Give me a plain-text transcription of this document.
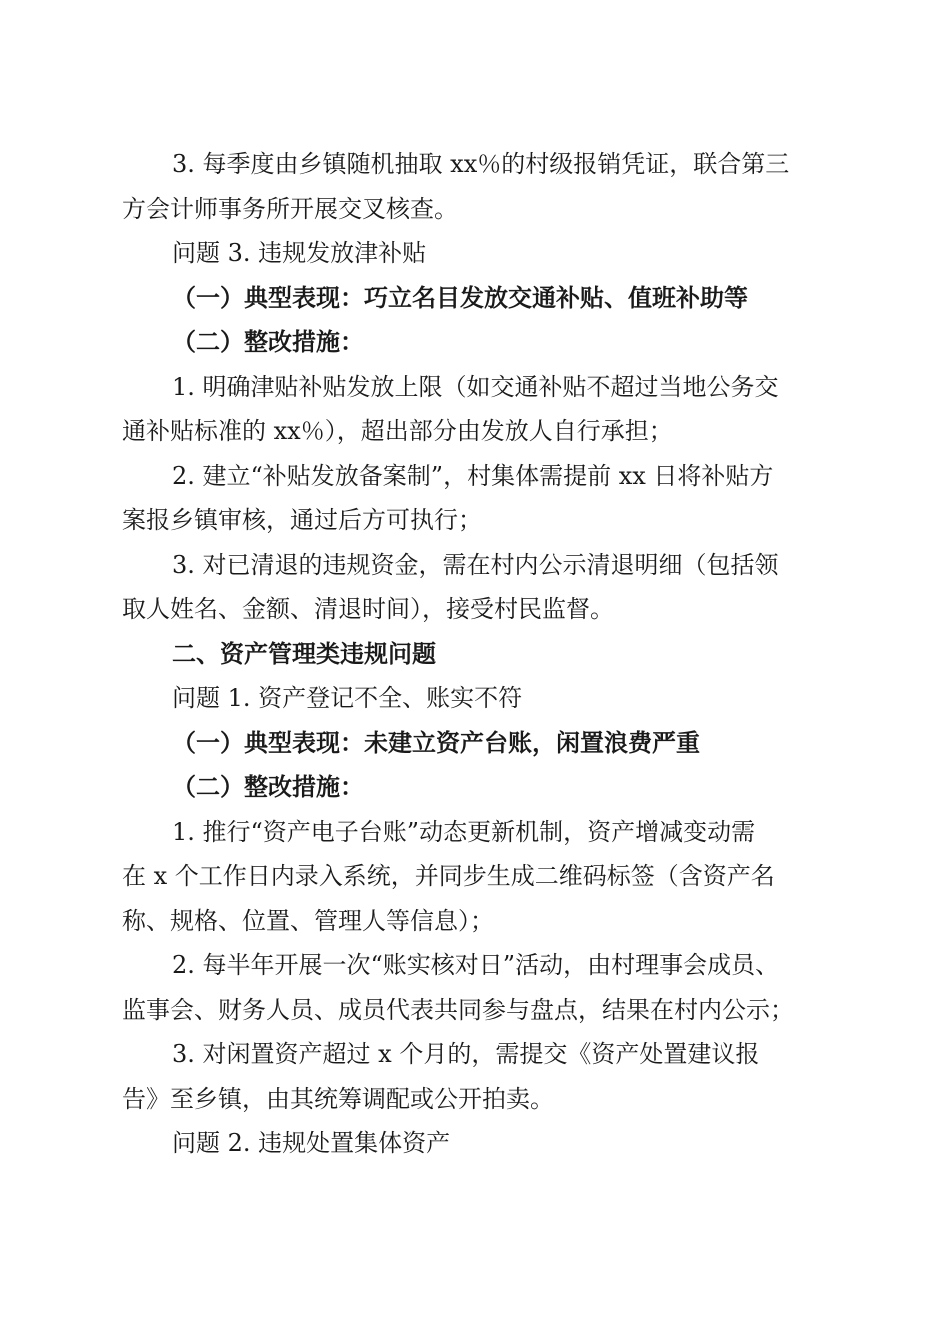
3. 每季度由乡镇随机抽取 xx％的村级报销凭证，联合第三

方会计师事务所开展交叉核查。

问题 3. 违规发放津补贴

（一）典型表现：巧立名目发放交通补贴、值班补助等

（二）整改措施：

1. 明确津贴补贴发放上限（如交通补贴不超过当地公务交

通补贴标准的 xx％），超出部分由发放人自行承担；

2. 建立“补贴发放备案制”，村集体需提前 xx 日将补贴方

案报乡镇审核，通过后方可执行；

3. 对已清退的违规资金，需在村内公示清退明细（包括领

取人姓名、金额、清退时间），接受村民监督。

二、资产管理类违规问题

问题 1. 资产登记不全、账实不符

（一）典型表现：未建立资产台账，闲置浪费严重

（二）整改措施：

1. 推行“资产电子台账”动态更新机制，资产增减变动需

在 x 个工作日内录入系统，并同步生成二维码标签（含资产名

称、规格、位置、管理人等信息）；

2. 每半年开展一次“账实核对日”活动，由村理事会成员、

监事会、财务人员、成员代表共同参与盘点，结果在村内公示；

3. 对闲置资产超过 x 个月的，需提交《资产处置建议报

告》至乡镇，由其统筹调配或公开拍卖。

问题 2. 违规处置集体资产
